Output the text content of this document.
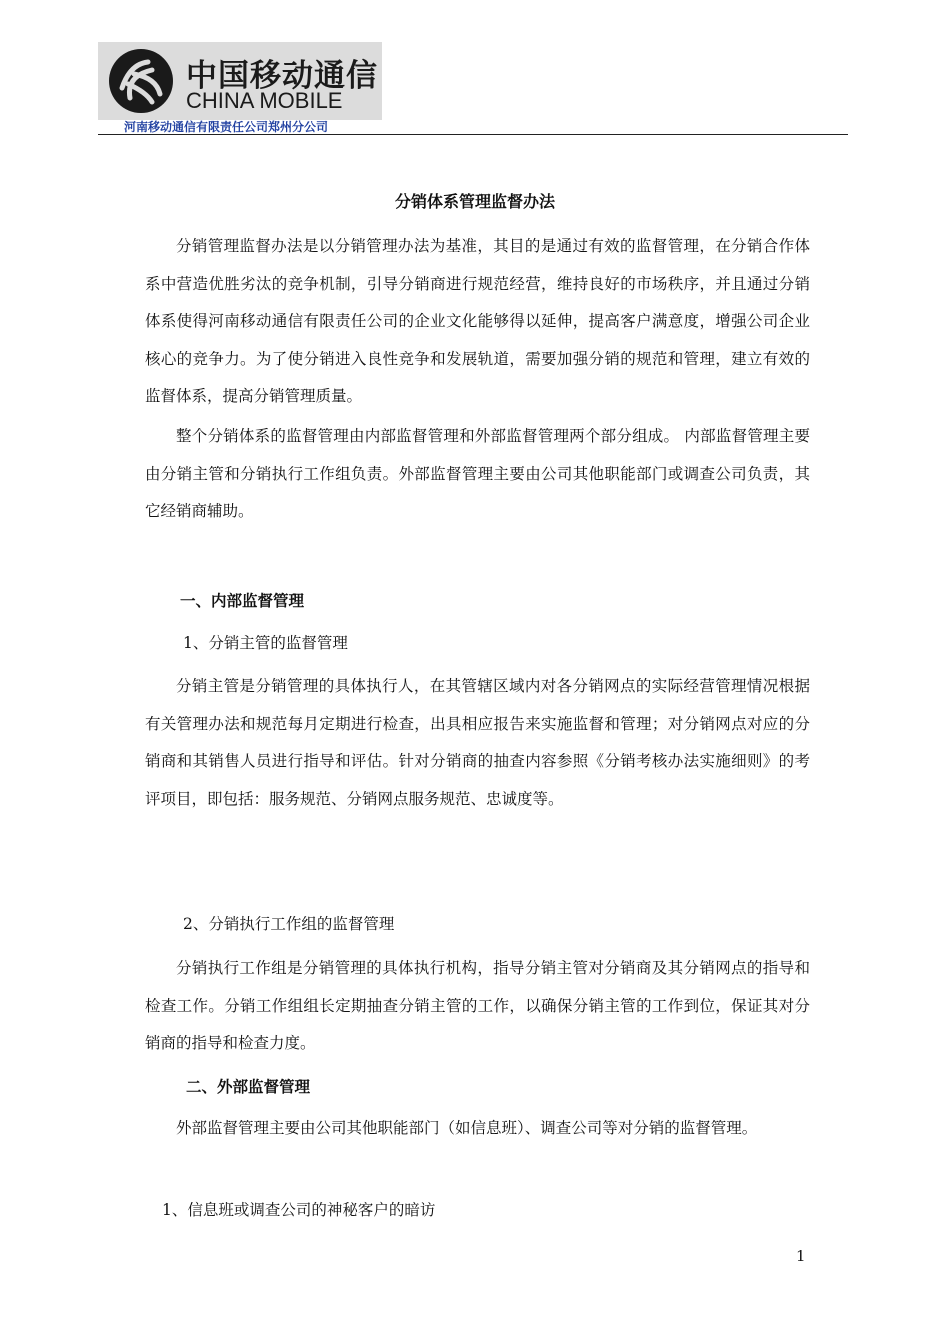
中国移动通信
CHINA MOBILE
河南移动通信有限责任公司郑州分公司
分销体系管理监督办法

分销管理监督办法是以分销管理办法为基准，其目的是通过有效的监督管理，在分销合作体系中营造优胜劣汰的竞争机制，引导分销商进行规范经营，维持良好的市场秩序，并且通过分销体系使得河南移动通信有限责任公司的企业文化能够得以延伸，提高客户满意度，增强公司企业核心的竞争力。为了使分销进入良性竞争和发展轨道，需要加强分销的规范和管理，建立有效的监督体系，提高分销管理质量。

整个分销体系的监督管理由内部监督管理和外部监督管理两个部分组成。 内部监督管理主要由分销主管和分销执行工作组负责。外部监督管理主要由公司其他职能部门或调查公司负责，其它经销商辅助。

一、内部监督管理
1、分销主管的监督管理

分销主管是分销管理的具体执行人，在其管辖区域内对各分销网点的实际经营管理情况根据有关管理办法和规范每月定期进行检查，出具相应报告来实施监督和管理；对分销网点对应的分销商和其销售人员进行指导和评估。针对分销商的抽查内容参照《分销考核办法实施细则》的考评项目，即包括：服务规范、分销网点服务规范、忠诚度等。

2、分销执行工作组的监督管理

分销执行工作组是分销管理的具体执行机构，指导分销主管对分销商及其分销网点的指导和检查工作。分销工作组组长定期抽查分销主管的工作，以确保分销主管的工作到位，保证其对分销商的指导和检查力度。

二、外部监督管理

外部监督管理主要由公司其他职能部门（如信息班）、调查公司等对分销的监督管理。

1、信息班或调查公司的神秘客户的暗访
1
